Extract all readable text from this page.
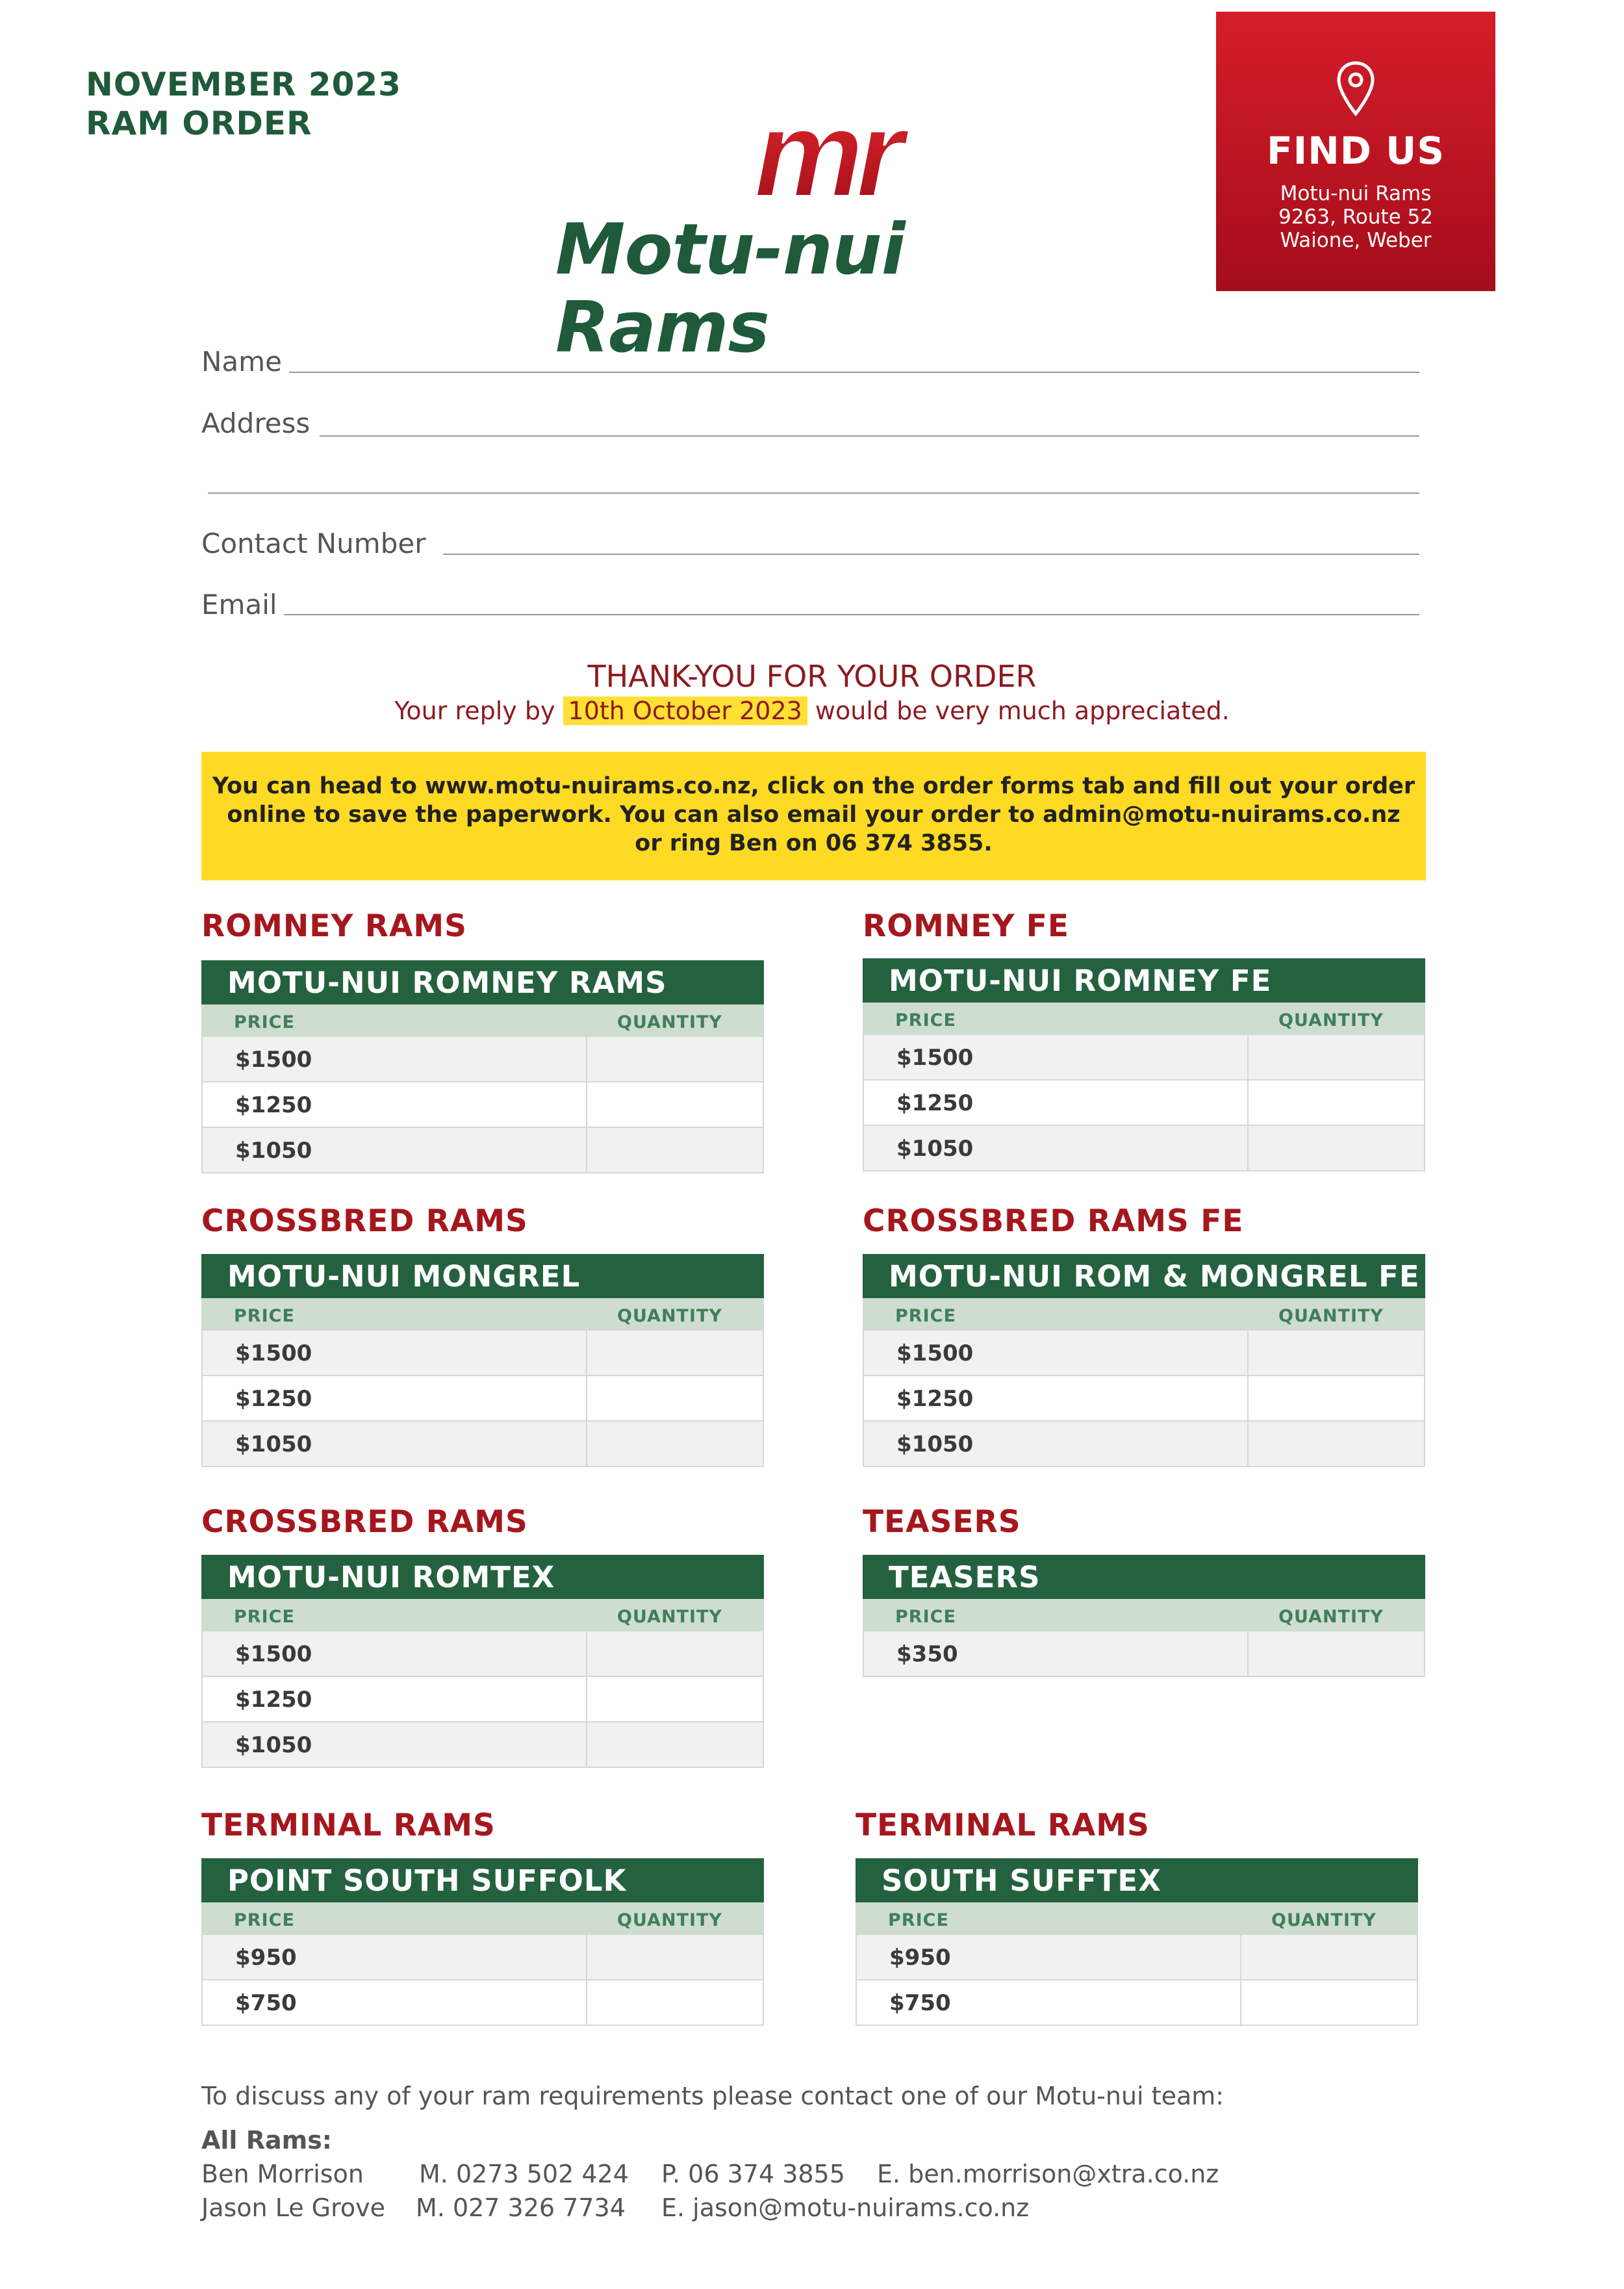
NOVEMBER 2023
RAM ORDER	mr
Motu-nui Rams
FIND US
Motu-nui Rams
9263, Route 52
Waione, Weber
Name
Address
Contact Number
Email
THANK-YOU FOR YOUR ORDER
Your reply by 10th October 2023 would be very much appreciated.
You can head to www.motu-nuirams.co.nz, click on the order forms tab and fill out your order
online to save the paperwork. You can also email your order to admin@motu-nuirams.co.nz
or ring Ben on 06 374 3855.
ROMNEY RAMS
MOTU-NUI ROMNEY RAMS
PRICE	QUANTITY
$1500
$1250
$1050
ROMNEY FE
MOTU-NUI ROMNEY FE
PRICE	QUANTITY
$1500
$1250
$1050
CROSSBRED RAMS
MOTU-NUI MONGREL
PRICE	QUANTITY
$1500
$1250
$1050
CROSSBRED RAMS FE
MOTU-NUI ROM & MONGREL FE
PRICE	QUANTITY
$1500
$1250
$1050
CROSSBRED RAMS
MOTU-NUI ROMTEX
PRICE	QUANTITY
$1500
$1250
$1050
TEASERS
TEASERS
PRICE	QUANTITY
$350
TERMINAL RAMS
POINT SOUTH SUFFOLK
PRICE	QUANTITY
$950
$750
TERMINAL RAMS
SOUTH SUFFTEX
PRICE	QUANTITY
$950
$750
To discuss any of your ram requirements please contact one of our Motu-nui team:
All Rams:
Ben Morrison M. 0273 502 424 P. 06 374 3855 E. ben.morrison@xtra.co.nz
Jason Le Grove M. 027 326 7734 E. jason@motu-nuirams.co.nz
